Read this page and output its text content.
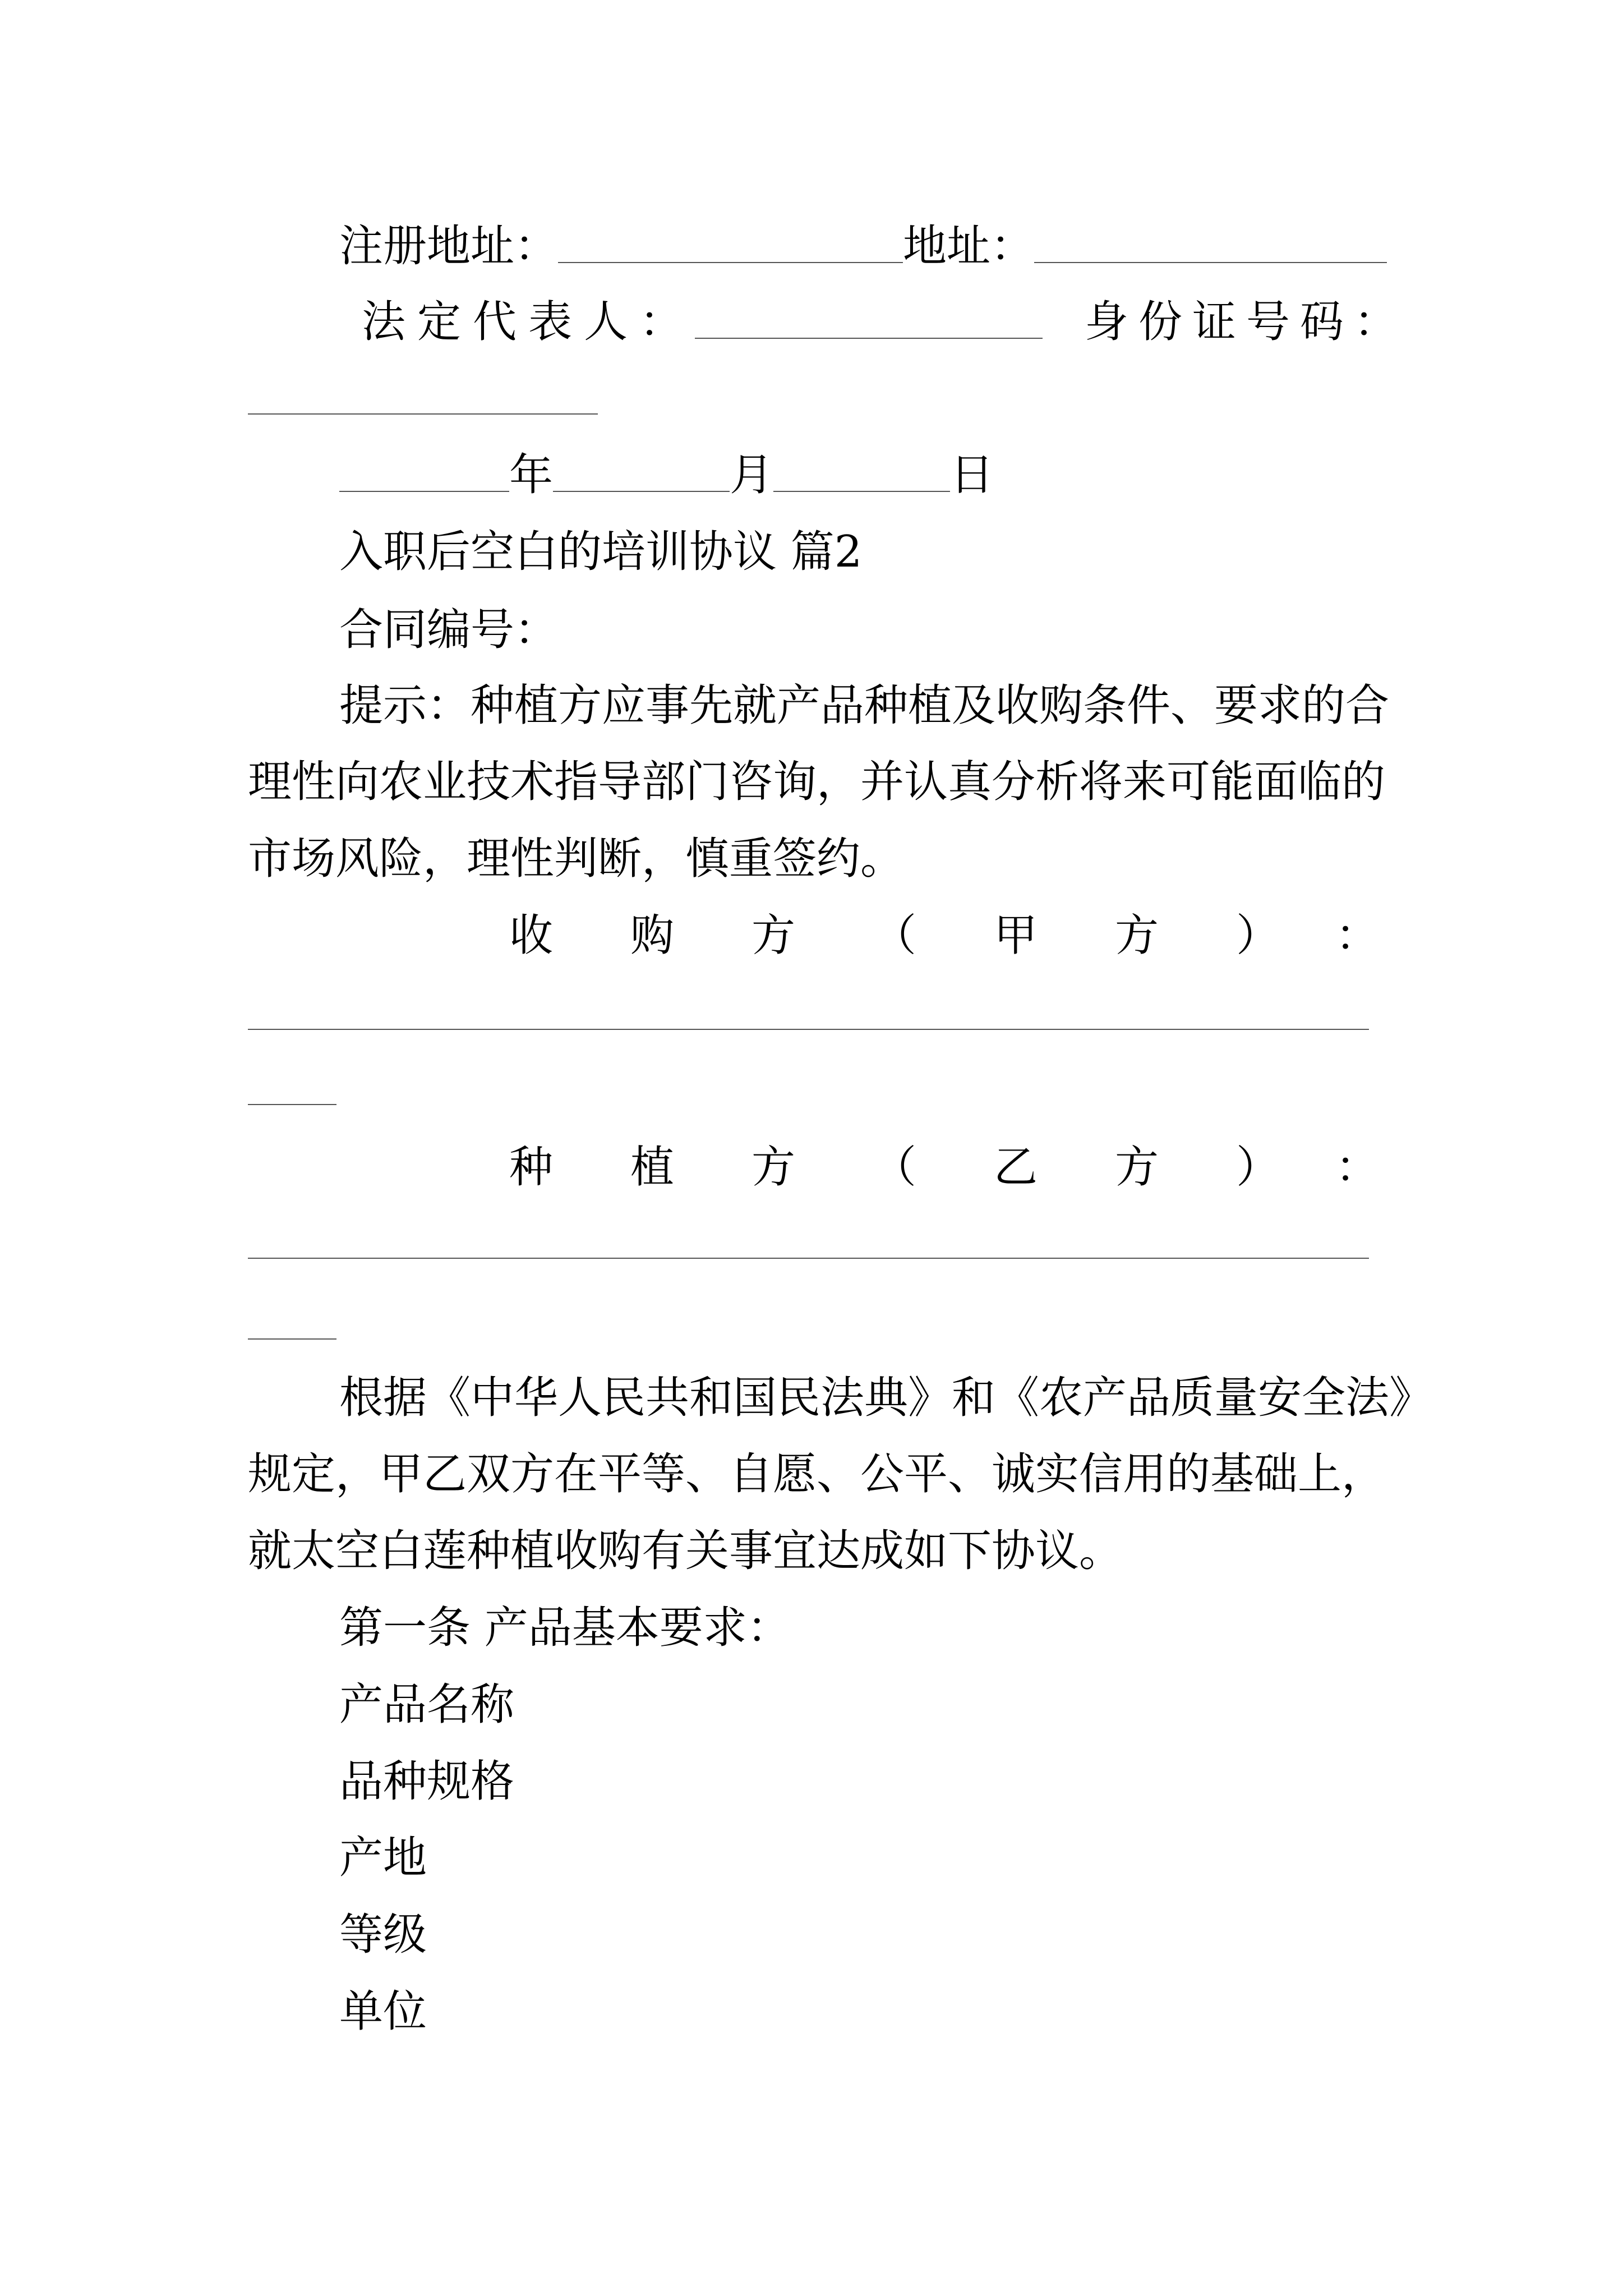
注册地址：	地址：
法定代表人：	身份证号码：
年	月	日
入职后空白的培训协议 篇2
合同编号：
提示：种植方应事先就产品种植及收购条件、要求的合
理性向农业技术指导部门咨询，并认真分析将来可能面临的
市场风险，理性判断，慎重签约。
收购方（甲方）：
种植方（乙方）：
根据《中华人民共和国民法典》和《农产品质量安全法》
规定，甲乙双方在平等、自愿、公平、诚实信用的基础上，
就太空白莲种植收购有关事宜达成如下协议。
第一条 产品基本要求：
产品名称
品种规格
产地
等级
单位
